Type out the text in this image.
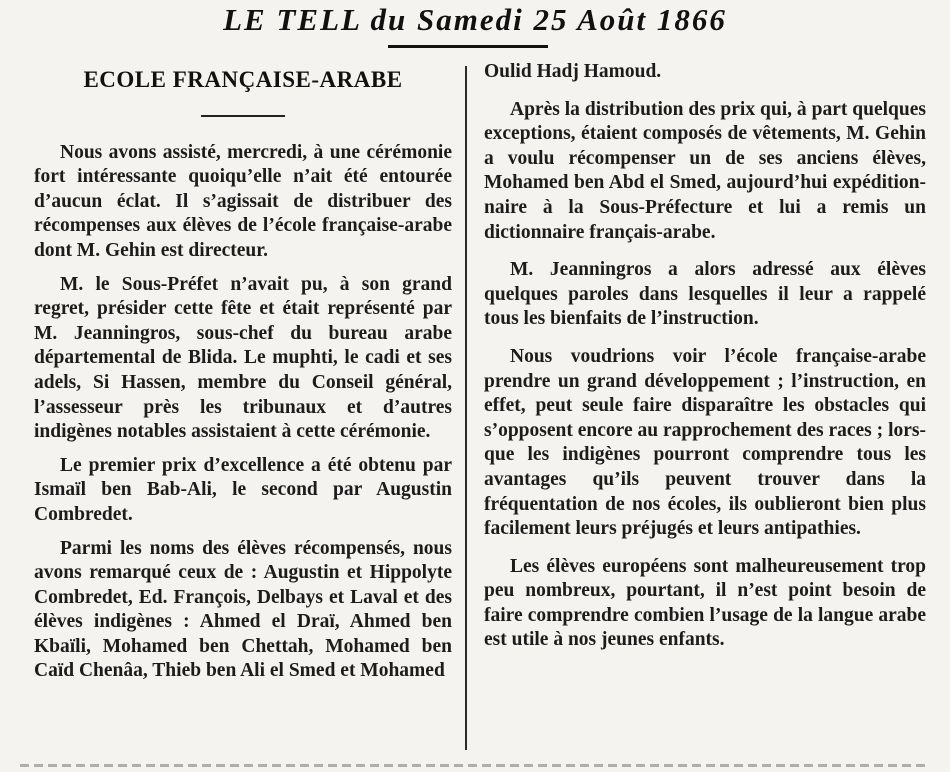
LE TELL du Samedi 25 Août 1866
ECOLE FRANÇAISE-ARABE

Nous avons assisté, mercredi, à une cérémonie fort intéressante quoiqu’elle n’ait été entourée d’aucun éclat. Il s’agissait de distribuer des récompenses aux élèves de l’école française-arabe dont M. Gehin est directeur.

M. le Sous-Préfet n’avait pu, à son grand regret, présider cette fête et était représenté par M. Jeanningros, sous-chef du bureau arabe départemental de Blida. Le muphti, le cadi et ses adels, Si Hassen, membre du Conseil général, l’assesseur près les tribunaux et d’autres indigènes notables assistaient à cette cérémonie.

Le premier prix d’excellence a été obtenu par Ismaïl ben Bab-Ali, le second par Augustin Combredet.

Parmi les noms des élèves récompensés, nous avons remarqué ceux de : Augustin et Hippolyte Combredet, Ed. François, Delbays et Laval et des élèves indigènes : Ahmed el Draï, Ahmed ben Kbaïli, Mohamed ben Chettah, Mohamed ben Caïd Chenâa, Thieb ben Ali el Smed et Mohamed

Oulid Hadj Hamoud.

Après la distribution des prix qui, à part quelques exceptions, étaient composés de vêtements, M. Gehin a voulu récompenser un de ses anciens élèves, Mohamed ben Abd el Smed, aujourd’hui expéditionnaire à la Sous-Préfecture et lui a remis un dictionnaire français-arabe.

M. Jeanningros a alors adressé aux élèves quelques paroles dans lesquelles il leur a rappelé tous les bienfaits de l’instruction.

Nous voudrions voir l’école française-arabe prendre un grand développement ; l’instruction, en effet, peut seule faire disparaître les obstacles qui s’opposent encore au rapprochement des races ; lorsque les indigènes pourront comprendre tous les avantages qu’ils peuvent trouver dans la fréquentation de nos écoles, ils oublieront bien plus facilement leurs préjugés et leurs antipathies.

Les élèves européens sont malheureusement trop peu nombreux, pourtant, il n’est point besoin de faire comprendre combien l’usage de la langue arabe est utile à nos jeunes enfants.
